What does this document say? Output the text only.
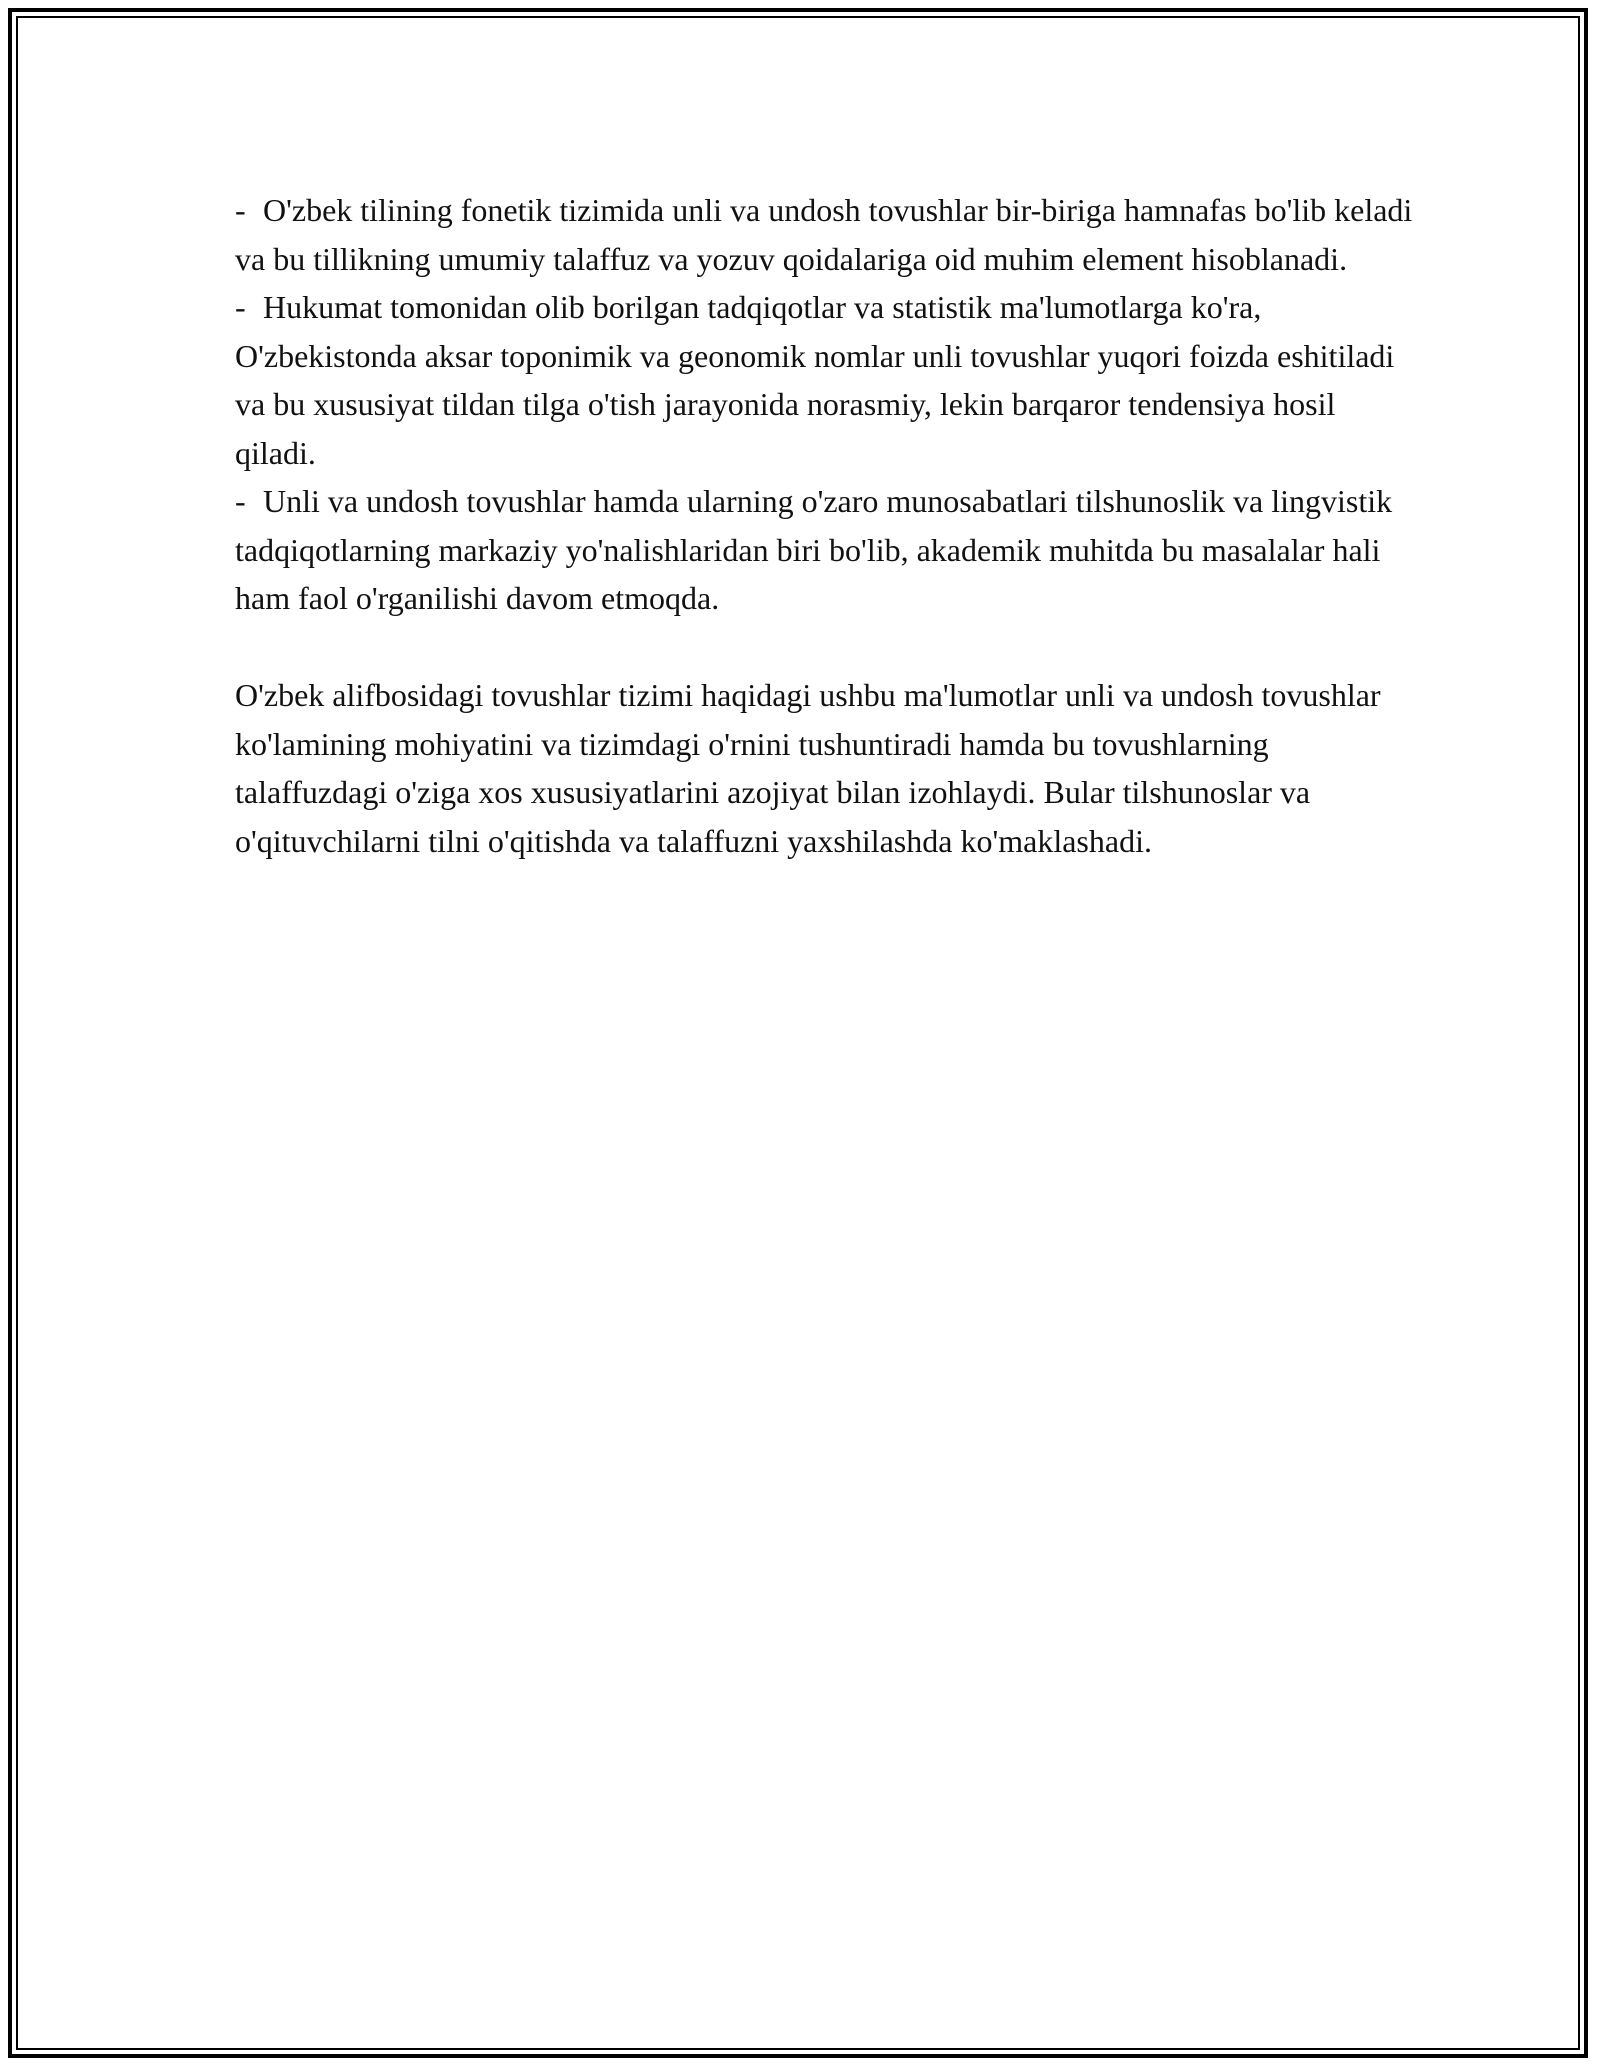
- O'zbek tilining fonetik tizimida unli va undosh tovushlar bir-biriga hamnafas bo'lib keladi va bu tillikning umumiy talaffuz va yozuv qoidalariga oid muhim element hisoblanadi.

- Hukumat tomonidan olib borilgan tadqiqotlar va statistik ma'lumotlarga ko'ra, O'zbekistonda aksar toponimik va geonomik nomlar unli tovushlar yuqori foizda eshitiladi va bu xususiyat tildan tilga o'tish jarayonida norasmiy, lekin barqaror tendensiya hosil qiladi.

- Unli va undosh tovushlar hamda ularning o'zaro munosabatlari tilshunoslik va lingvistik tadqiqotlarning markaziy yo'nalishlaridan biri bo'lib, akademik muhitda bu masalalar hali ham faol o'rganilishi davom etmoqda.

O'zbek alifbosidagi tovushlar tizimi haqidagi ushbu ma'lumotlar unli va undosh tovushlar ko'lamining mohiyatini va tizimdagi o'rnini tushuntiradi hamda bu tovushlarning talaffuzdagi o'ziga xos xususiyatlarini azojiyat bilan izohlaydi. Bular tilshunoslar va o'qituvchilarni tilni o'qitishda va talaffuzni yaxshilashda ko'maklashadi.
